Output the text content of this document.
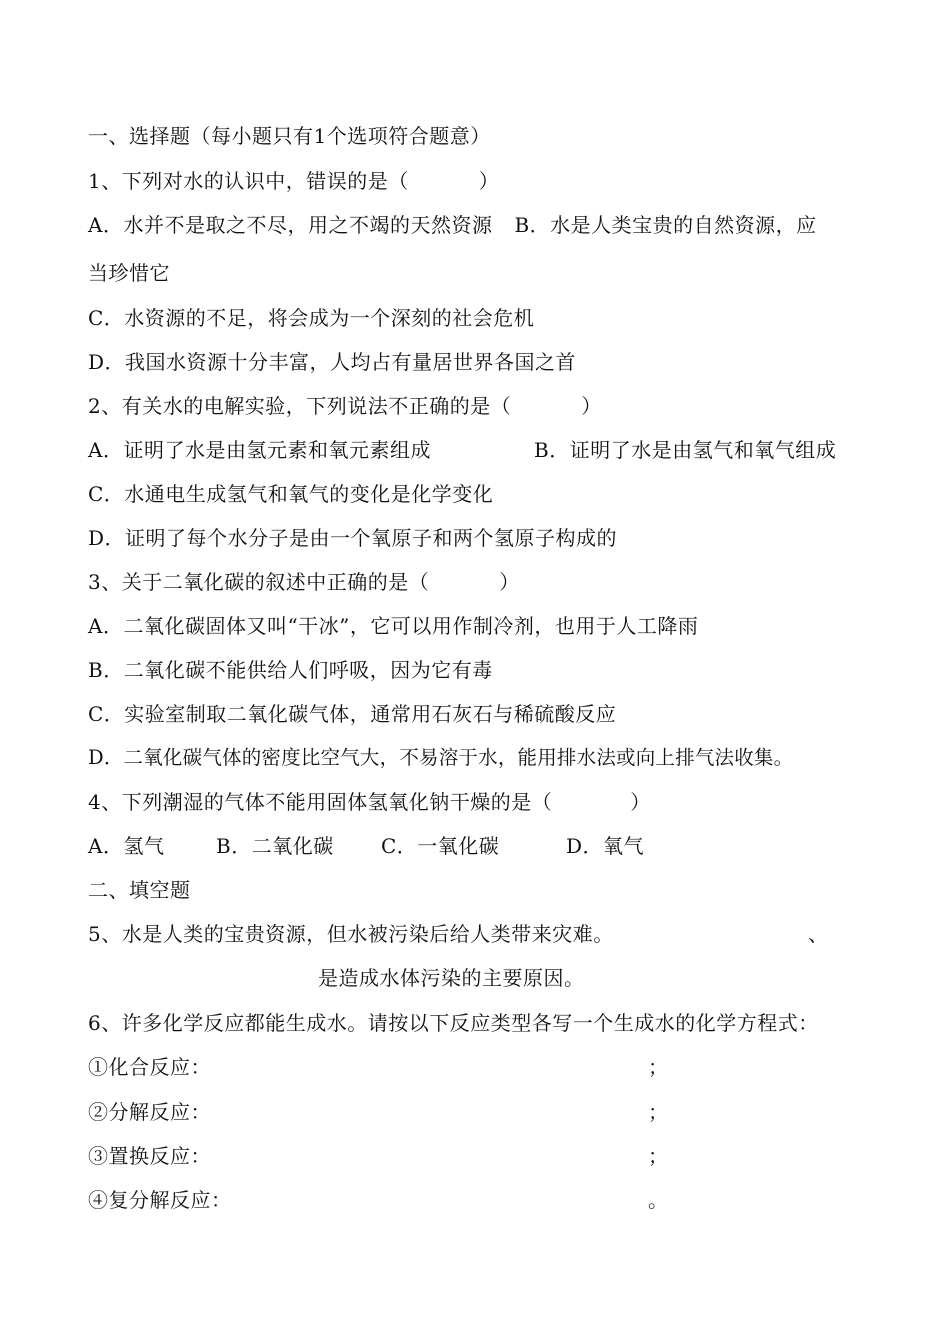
一、选择题（每小题只有1个选项符合题意）
1、下列对水的认识中，错误的是（	）
A．水并不是取之不尽，用之不竭的天然资源 B．水是人类宝贵的自然资源，应
当珍惜它
C．水资源的不足，将会成为一个深刻的社会危机
D．我国水资源十分丰富，人均占有量居世界各国之首
2、有关水的电解实验，下列说法不正确的是（	）
A．证明了水是由氢元素和氧元素组成	B．证明了水是由氢气和氧气组成
C．水通电生成氢气和氧气的变化是化学变化
D．证明了每个水分子是由一个氧原子和两个氢原子构成的
3、关于二氧化碳的叙述中正确的是（	）
A．二氧化碳固体又叫“干冰”，它可以用作制冷剂，也用于人工降雨
B．二氧化碳不能供给人们呼吸，因为它有毒
C．实验室制取二氧化碳气体，通常用石灰石与稀硫酸反应
D．二氧化碳气体的密度比空气大，不易溶于水，能用排水法或向上排气法收集。
4、下列潮湿的气体不能用固体氢氧化钠干燥的是（	）
A．氢气	B．二氧化碳 C．一氧化碳	D．氧气
二、填空题
5、水是人类的宝贵资源，但水被污染后给人类带来灾难。	、
是造成水体污染的主要原因。
6、许多化学反应都能生成水。请按以下反应类型各写一个生成水的化学方程式：
①化合反应：	；
②分解反应：	；
③置换反应：	；
④复分解反应：	。
